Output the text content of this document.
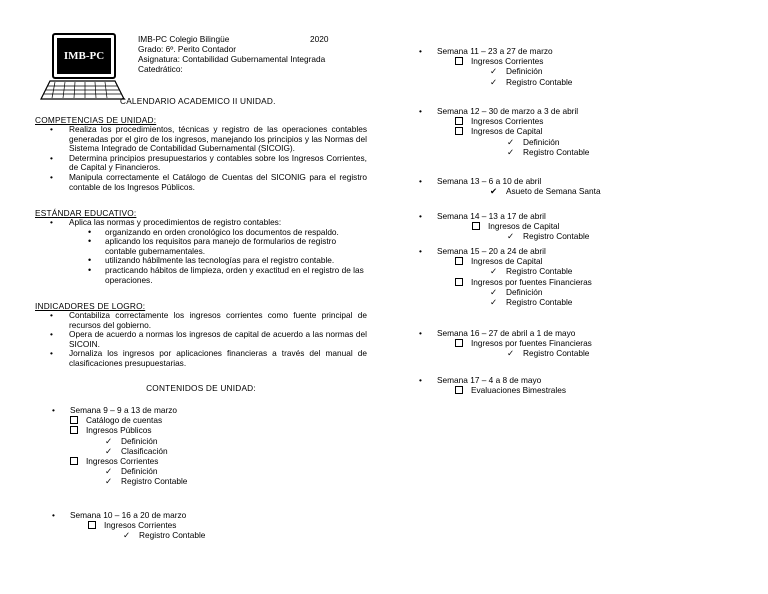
IMB-PC
IMB-PC Colegio Bilingüe	2020
Grado: 6º. Perito Contador
Asignatura: Contabilidad Gubernamental Integrada
Catedrático:
CALENDARIO ACADEMICO II UNIDAD.
COMPETENCIAS DE UNIDAD:
• Realiza los procedimientos, técnicas y registro de las operaciones contables generadas por el giro de los ingresos, manejando los principios y las Normas del Sistema Integrado de Contabilidad Gubernamental (SICOIG).
• Determina principios presupuestarios y contables sobre los Ingresos Corrientes, de Capital y Financieros.
• Manipula correctamente el Catálogo de Cuentas del SICONIG para el registro contable de los Ingresos Públicos.
ESTÁNDAR EDUCATIVO:
• Aplica las normas y procedimientos de registro contables:
• organizando en orden cronológico los documentos de respaldo.
• aplicando los requisitos para manejo de formularios de registro contable gubernamentales.
• utilizando hábilmente las tecnologías para el registro contable.
• practicando hábitos de limpieza, orden y exactitud en el registro de las operaciones.
INDICADORES DE LOGRO:
• Contabiliza correctamente los ingresos corrientes como fuente principal de recursos del gobierno.
• Opera de acuerdo a normas los ingresos de capital de acuerdo a las normas del SICOIN.
• Jornaliza los ingresos por aplicaciones financieras a través del manual de clasificaciones presupuestarias.
CONTENIDOS DE UNIDAD:
• Semana 9 – 9 a 13 de marzo
Catálogo de cuentas
Ingresos Públicos
✓ Definición
✓ Clasificación
Ingresos Corrientes
✓ Definición
✓ Registro Contable
• Semana 10 – 16 a 20 de marzo
Ingresos Corrientes
✓ Registro Contable
• Semana 11 – 23 a 27 de marzo
Ingresos Corrientes
✓ Definición
✓ Registro Contable
• Semana 12 – 30 de marzo a 3 de abril
Ingresos Corrientes
Ingresos de Capital
✓ Definición
✓ Registro Contable
• Semana 13 – 6 a 10 de abril
✔ Asueto de Semana Santa
• Semana 14 – 13 a 17 de abril
Ingresos de Capital
✓ Registro Contable
• Semana 15 – 20 a 24 de abril
Ingresos de Capital
✓ Registro Contable
Ingresos por fuentes Financieras
✓ Definición
✓ Registro Contable
• Semana 16 – 27 de abril a 1 de mayo
Ingresos por fuentes Financieras
✓ Registro Contable
• Semana 17 – 4 a 8 de mayo
Evaluaciones Bimestrales
